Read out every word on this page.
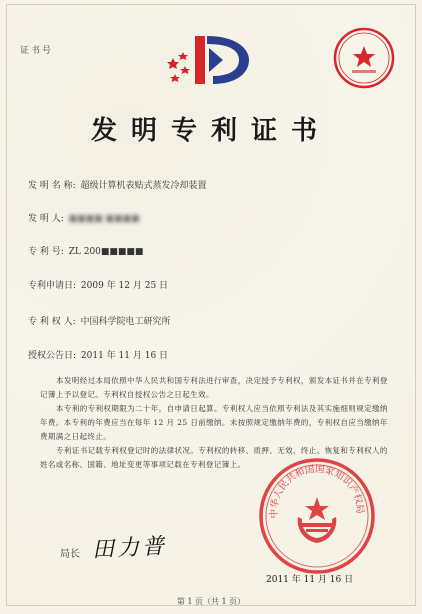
证书号
发明专利证书
发 明 名 称: 超级计算机表贴式蒸发冷却装置
发 明 人: ■■■■ ■■■■
专 利 号: ZL 200■■■■■
专利申请日: 2009 年 12 月 25 日
专 利 权 人: 中国科学院电工研究所
授权公告日: 2011 年 11 月 16 日
本发明经过本局依照中华人民共和国专利法进行审查，决定授予专利权，颁发本证书并在专利登记簿上予以登记。专利权自授权公告之日起生效。
本专利的专利权期限为二十年，自申请日起算。专利权人应当依照专利法及其实施细则规定缴纳年费。本专利的年费应当在每年 12 月 25 日前缴纳。未按照规定缴纳年费的，专利权自应当缴纳年费期满之日起终止。
专利证书记载专利权登记时的法律状况。专利权的转移、质押、无效、终止、恢复和专利权人的姓名或名称、国籍、地址变更等事项记载在专利登记簿上。
中华人民共和国国家知识产权局
局长 田力普
2011 年 11 月 16 日
第 1 页（共 1 页）
